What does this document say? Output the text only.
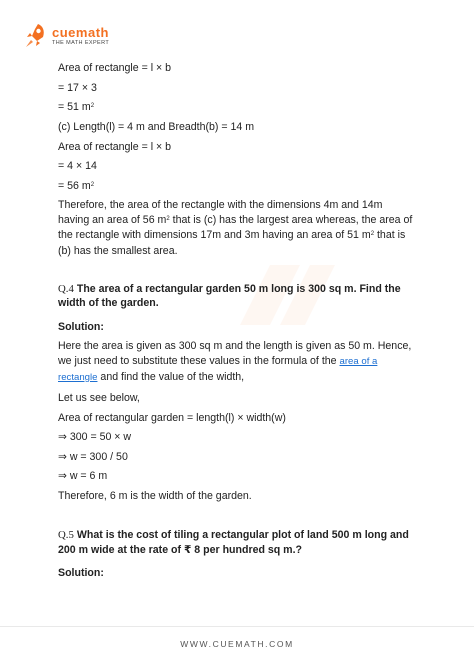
cuemath
THE MATH EXPERT
Area of rectangle = l × b
= 17 × 3
= 51 $m^2$
(c) Length(l) = 4 m and Breadth(b) = 14 m
Area of rectangle = l × b
= 4 × 14
= 56 $m^2$
Therefore, the area of the rectangle with the dimensions 4m and 14m
having an area of 56 $m^2$ that is (c) has the largest area whereas, the area of
the rectangle with dimensions 17m and 3m having an area of 51 $m^2$ that is
(b) has the smallest area.
Q.4 The area of a rectangular garden 50 m long is 300 sq m. Find the
width of the garden.
Solution:
Here the area is given as 300 sq m and the length is given as 50 m. Hence,
we just need to substitute these values in the formula of the area of a
rectangle and find the value of the width,
Let us see below,
Area of rectangular garden = length(l) × width(w)
⇒ 300 = 50 × w
⇒ w = 300 / 50
⇒ w = 6 m
Therefore, 6 m is the width of the garden.
Q.5 What is the cost of tiling a rectangular plot of land 500 m long and
200 m wide at the rate of ₹ 8 per hundred sq m.?
Solution:
WWW.CUEMATH.COM
